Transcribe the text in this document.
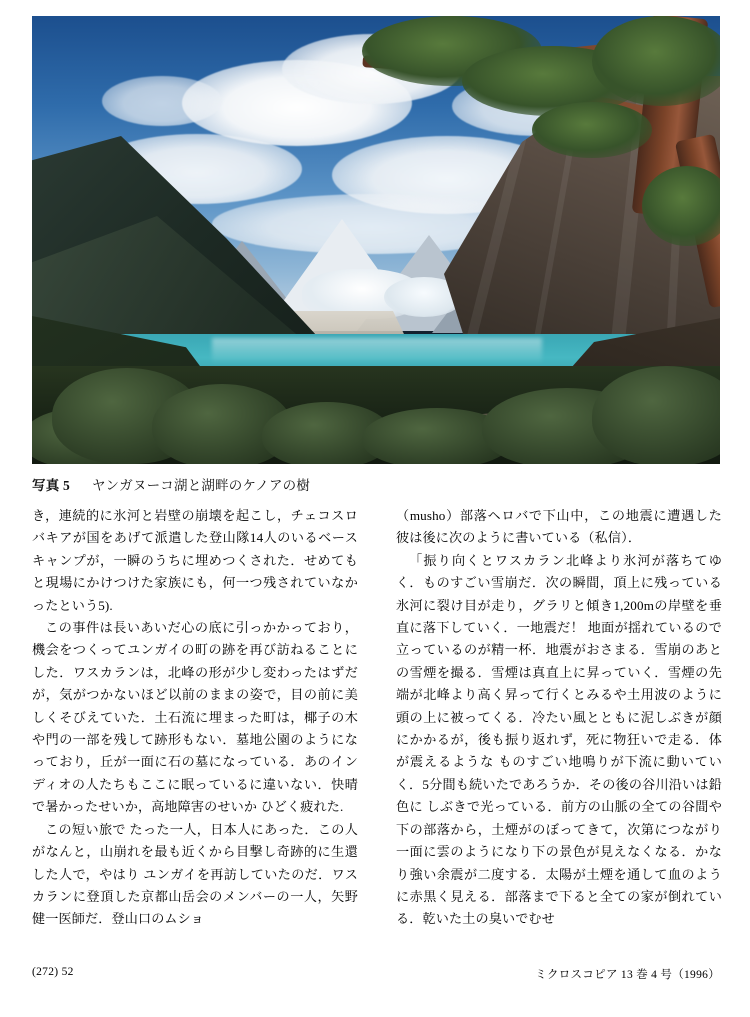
写真 5 ヤンガヌーコ湖と湖畔のケノアの樹

き，連続的に氷河と岩壁の崩壊を起こし，チェコスロバキアが国をあげて派遣した登山隊14人のいるベースキャンプが，一瞬のうちに埋めつくされた．せめてもと現場にかけつけた家族にも，何一つ残されていなかったという5).

この事件は長いあいだ心の底に引っかかっており，機会をつくってユンガイの町の跡を再び訪ねることにした．ワスカランは，北峰の形が少し変わったはずだが，気がつかないほど以前のままの姿で，目の前に美しくそびえていた．土石流に埋まった町は，椰子の木や門の一部を残して跡形もない．墓地公園のようになっており，丘が一面に石の墓になっている．あのインディオの人たちもここに眠っているに違いない．快晴で暑かったせいか，高地障害のせいか ひどく疲れた.

この短い旅で たった一人，日本人にあった．この人がなんと，山崩れを最も近くから目撃し奇跡的に生還した人で，やはり ユンガイを再訪していたのだ．ワスカランに登頂した京都山岳会のメンバーの一人，矢野健一医師だ．登山口のムショ

（musho）部落ヘロバで下山中，この地震に遭遇した彼は後に次のように書いている（私信）．

「振り向くとワスカラン北峰より氷河が落ちてゆく．ものすごい雪崩だ．次の瞬間，頂上に残っている氷河に裂け目が走り，グラリと傾き1,200mの岸壁を垂直に落下していく．一地震だ！ 地面が揺れているので立っているのが精一杯．地震がおさまる．雪崩のあとの雪煙を撮る．雪煙は真直上に昇っていく．雪煙の先端が北峰より高く昇って行くとみるや土用波のように頭の上に被ってくる．冷たい風とともに泥しぶきが顔にかかるが，後も振り返れず，死に物狂いで走る．体が震えるような ものすごい地鳴りが下流に動いていく．5分間も続いたであろうか．その後の谷川沿いは鉛色に しぶきで光っている．前方の山脈の全ての谷間や下の部落から，土煙がのぼってきて，次第につながり一面に雲のようになり下の景色が見えなくなる．かなり強い余震が二度する．太陽が土煙を通して血のように赤黒く見える．部落まで下ると全ての家が倒れている．乾いた土の臭いでむせ

(272) 52	ミクロスコピア 13 巻 4 号（1996）
